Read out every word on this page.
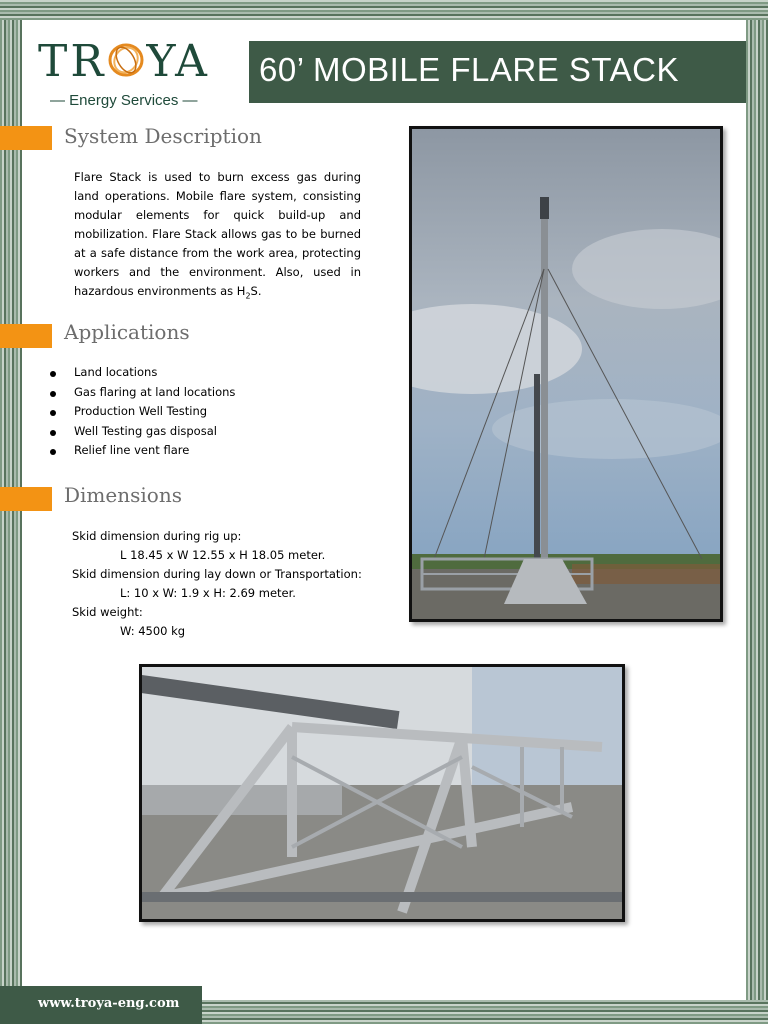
TR YA
— Energy Services —
60’ MOBILE FLARE STACK
System Description
Flare Stack is used to burn excess gas during land operations. Mobile flare system, consisting modular elements for quick build-up and mobilization. Flare Stack allows gas to be burned at a safe distance from the work area, protecting workers and the environment. Also, used in hazardous environments as $H_2S$.
Applications
Land locations
Gas flaring at land locations
Production Well Testing
Well Testing gas disposal
Relief line vent flare
Dimensions
Skid dimension during rig up:
L 18.45 x W 12.55 x H 18.05 meter.
Skid dimension during lay down or Transportation:
L: 10 x W: 1.9 x H: 2.69 meter.
Skid weight:
W: 4500 kg
www.troya-eng.com
